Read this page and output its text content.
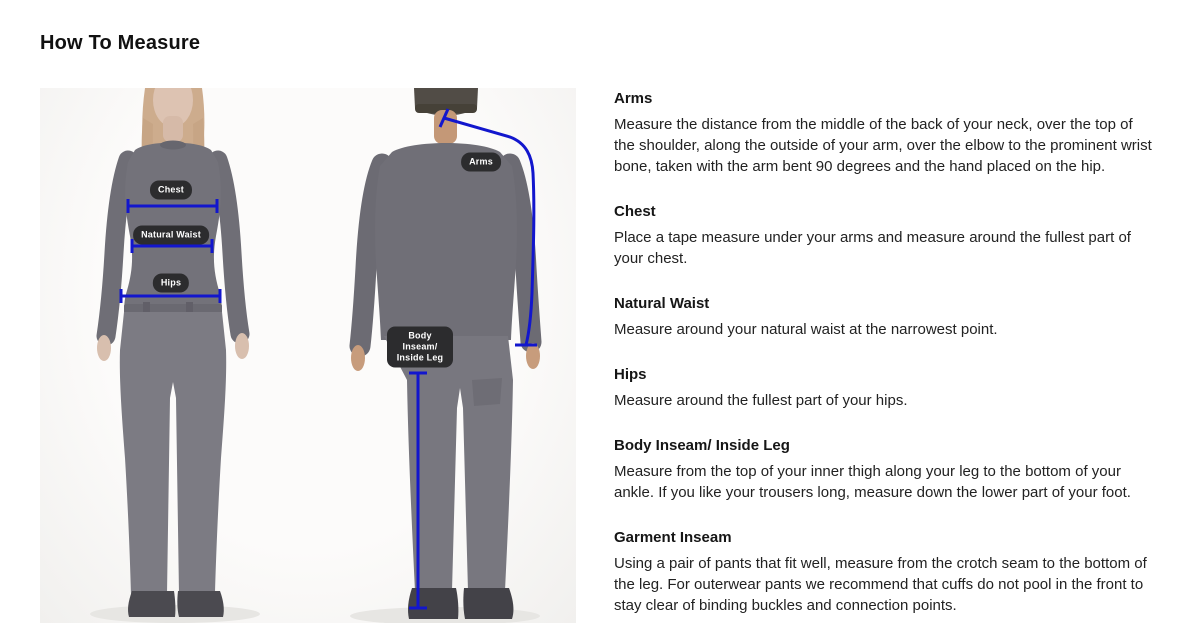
How To Measure
Chest
Natural Waist
Hips
Arms
Body Inseam/ Inside Leg
Arms

Measure the distance from the middle of the back of your neck, over the top of the shoulder, along the outside of your arm, over the elbow to the prominent wrist bone, taken with the arm bent 90 degrees and the hand placed on the hip.

Chest

Place a tape measure under your arms and measure around the fullest part of your chest.

Natural Waist

Measure around your natural waist at the narrowest point.

Hips

Measure around the fullest part of your hips.

Body Inseam/ Inside Leg

Measure from the top of your inner thigh along your leg to the bottom of your ankle. If you like your trousers long, measure down the lower part of your foot.

Garment Inseam

Using a pair of pants that fit well, measure from the crotch seam to the bottom of the leg. For outerwear pants we recommend that cuffs do not pool in the front to stay clear of binding buckles and connection points.
